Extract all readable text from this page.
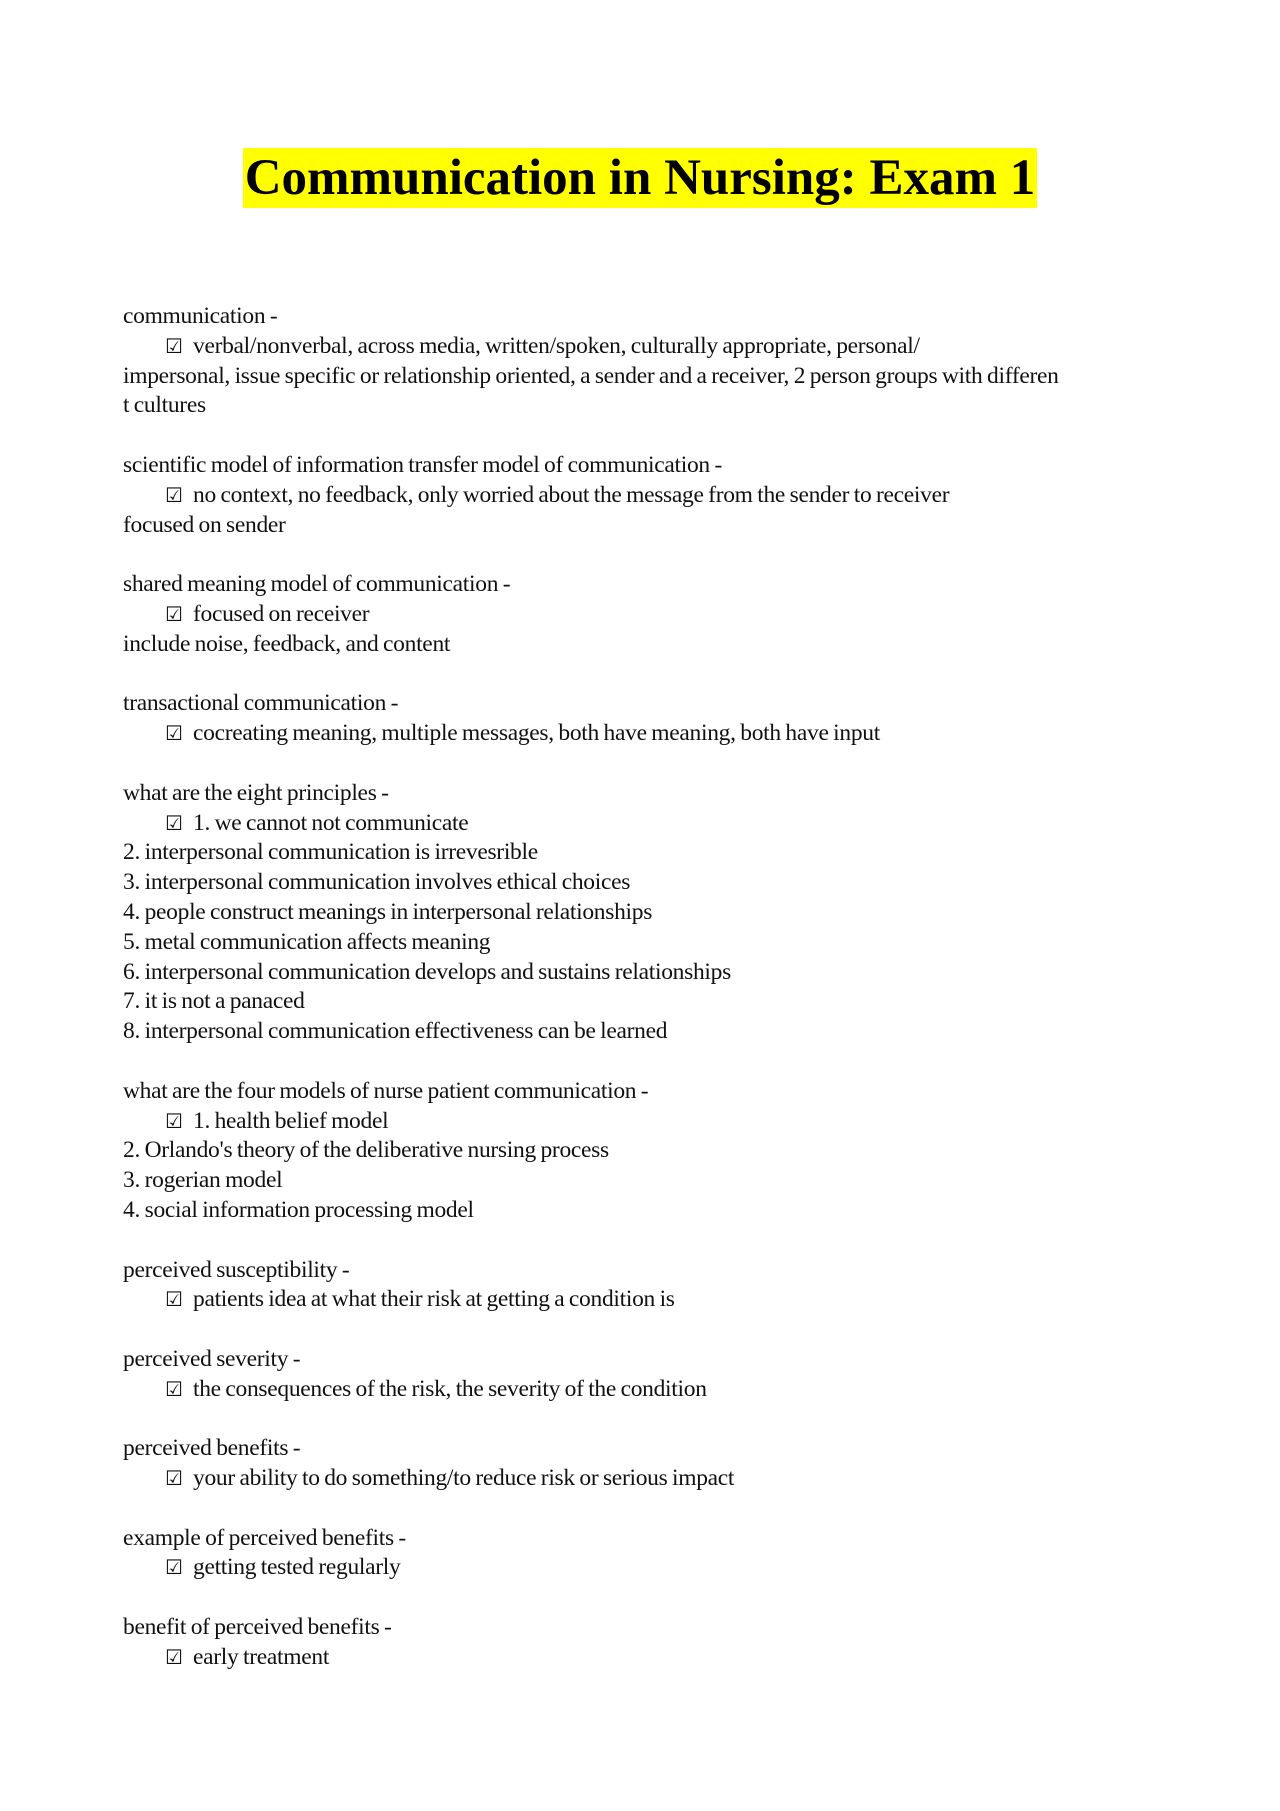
Communication in Nursing: Exam 1
communication -
☑ verbal/nonverbal, across media, written/spoken, culturally appropriate, personal/
impersonal, issue specific or relationship oriented, a sender and a receiver, 2 person groups with differen
t cultures
scientific model of information transfer model of communication -
☑ no context, no feedback, only worried about the message from the sender to receiver
focused on sender
shared meaning model of communication -
☑ focused on receiver
include noise, feedback, and content
transactional communication -
☑ cocreating meaning, multiple messages, both have meaning, both have input
what are the eight principles -
☑ 1. we cannot not communicate
2. interpersonal communication is irrevesrible
3. interpersonal communication involves ethical choices
4. people construct meanings in interpersonal relationships
5. metal communication affects meaning
6. interpersonal communication develops and sustains relationships
7. it is not a panaced
8. interpersonal communication effectiveness can be learned
what are the four models of nurse patient communication -
☑ 1. health belief model
2. Orlando's theory of the deliberative nursing process
3. rogerian model
4. social information processing model
perceived susceptibility -
☑ patients idea at what their risk at getting a condition is
perceived severity -
☑ the consequences of the risk, the severity of the condition
perceived benefits -
☑ your ability to do something/to reduce risk or serious impact
example of perceived benefits -
☑ getting tested regularly
benefit of perceived benefits -
☑ early treatment
